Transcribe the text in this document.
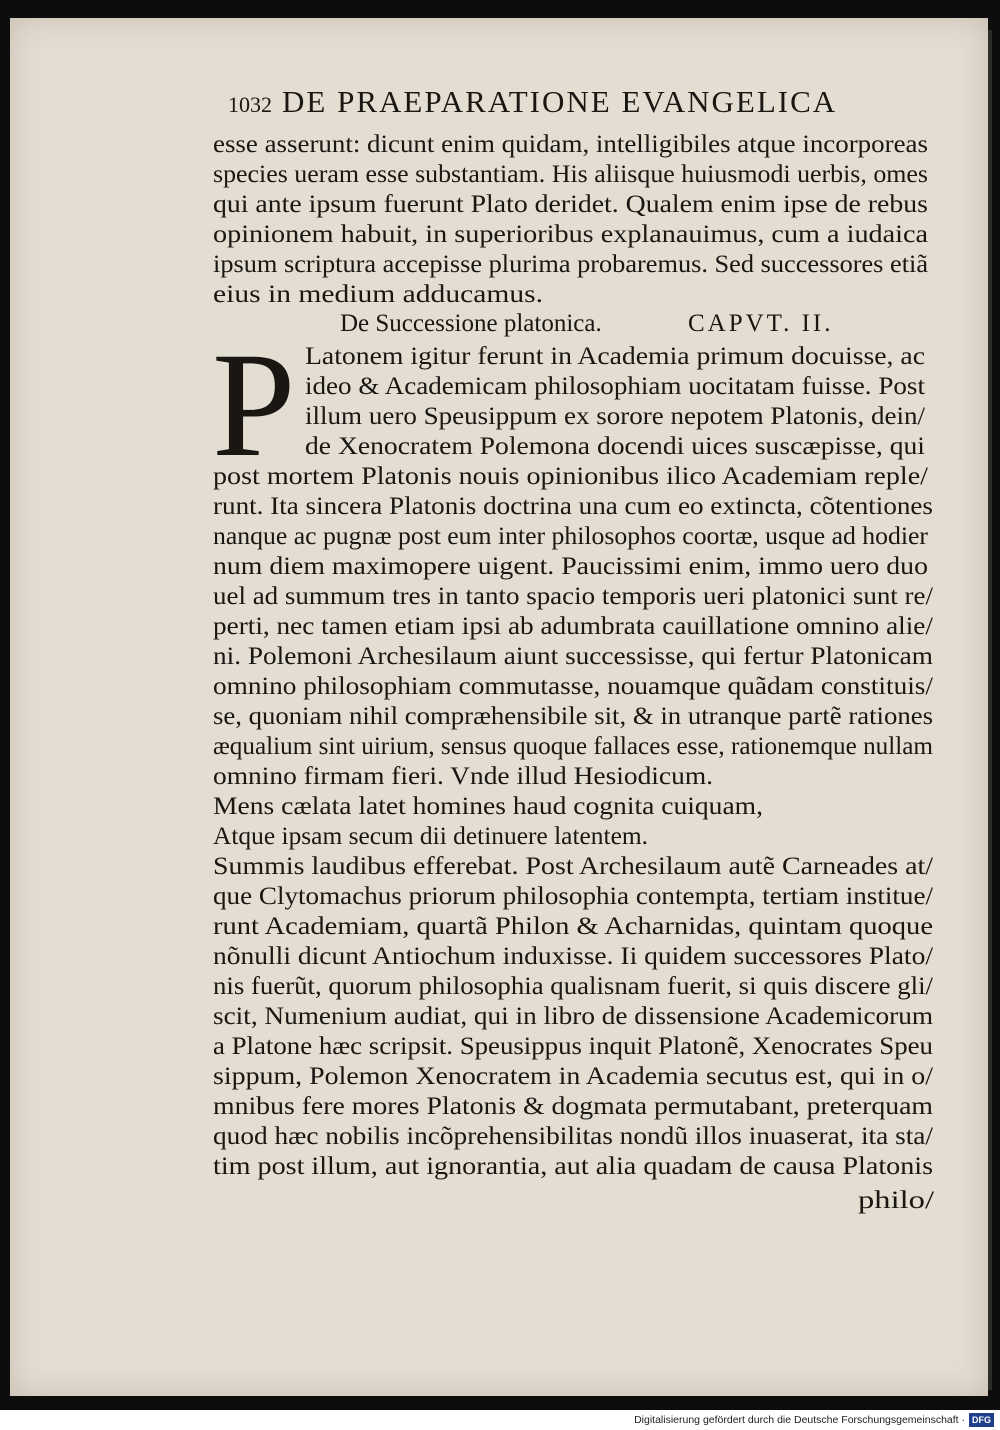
1032 DE PRAEPARATIONE EVANGELICA
esse asserunt: dicunt enim quidam, intelligibiles atque incorporeas
species ueram esse substantiam. His aliisque huiusmodi uerbis, omes
qui ante ipsum fuerunt Plato deridet. Qualem enim ipse de rebus
opinionem habuit, in superioribus explanauimus, cum a iudaica
ipsum scriptura accepisse plurima probaremus. Sed successores etiã
eius in medium adducamus.
Latonem igitur ferunt in Academia primum docuisse, ac
ideo & Academicam philosophiam uocitatam fuisse. Post
illum uero Speusippum ex sorore nepotem Platonis, dein/
de Xenocratem Polemona docendi uices suscæpisse, qui
post mortem Platonis nouis opinionibus ilico Academiam reple/
runt. Ita sincera Platonis doctrina una cum eo extincta, cõtentiones
nanque ac pugnæ post eum inter philosophos coortæ, usque ad hodier
num diem maximopere uigent. Paucissimi enim, immo uero duo
uel ad summum tres in tanto spacio temporis ueri platonici sunt re/
perti, nec tamen etiam ipsi ab adumbrata cauillatione omnino alie/
ni. Polemoni Archesilaum aiunt successisse, qui fertur Platonicam
omnino philosophiam commutasse, nouamque quãdam constituis/
se, quoniam nihil compræhensibile sit, & in utranque partẽ rationes
æqualium sint uirium, sensus quoque fallaces esse, rationemque nullam
omnino firmam fieri. Vnde illud Hesiodicum.
Mens cælata latet homines haud cognita cuiquam,
Atque ipsam secum dii detinuere latentem.
Summis laudibus efferebat. Post Archesilaum autẽ Carneades at/
que Clytomachus priorum philosophia contempta, tertiam institue/
runt Academiam, quartã Philon & Acharnidas, quintam quoque
nõnulli dicunt Antiochum induxisse. Ii quidem successores Plato/
nis fuerũt, quorum philosophia qualisnam fuerit, si quis discere gli/
scit, Numenium audiat, qui in libro de dissensione Academicorum
a Platone hæc scripsit. Speusippus inquit Platonẽ, Xenocrates Speu
sippum, Polemon Xenocratem in Academia secutus est, qui in o/
mnibus fere mores Platonis & dogmata permutabant, preterquam
quod hæc nobilis incõprehensibilitas nondũ illos inuaserat, ita sta/
tim post illum, aut ignorantia, aut alia quadam de causa Platonis
philo/
De Successione platonica.	CAPVT. II.
P
Digitalisierung gefördert durch die Deutsche Forschungsgemeinschaft · DFG
